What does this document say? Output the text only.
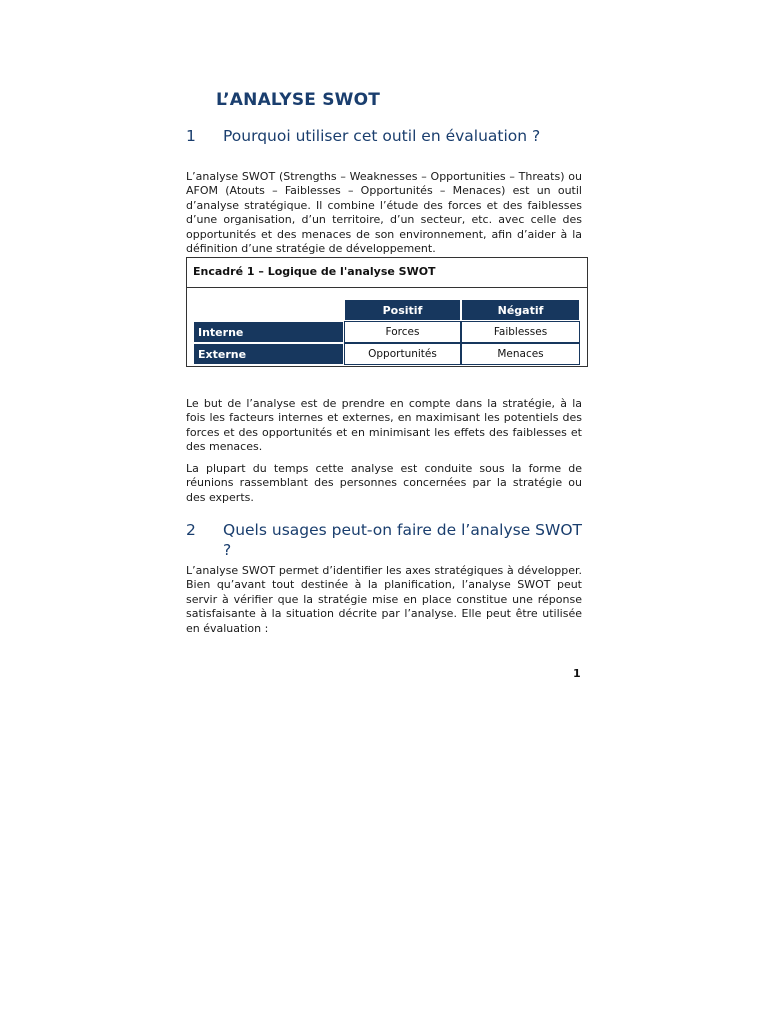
L’ANALYSE SWOT
1	Pourquoi utiliser cet outil en évaluation ?

L’analyse SWOT (Strengths – Weaknesses – Opportunities – Threats) ou AFOM (Atouts – Faiblesses – Opportunités – Menaces) est un outil d’analyse stratégique. Il combine l’étude des forces et des faiblesses d’une organisation, d’un territoire, d’un secteur, etc. avec celle des opportunités et des menaces de son environnement, afin d’aider à la définition d’une stratégie de développement.

Encadré 1 – Logique de l'analyse SWOT
	Positif	Négatif
Interne	Forces	Faiblesses
Externe	Opportunités	Menaces

Le but de l’analyse est de prendre en compte dans la stratégie, à la fois les facteurs internes et externes, en maximisant les potentiels des forces et des opportunités et en minimisant les effets des faiblesses et des menaces.

La plupart du temps cette analyse est conduite sous la forme de réunions rassemblant des personnes concernées par la stratégie ou des experts.

2	Quels usages peut-on faire de l’analyse SWOT ?

L’analyse SWOT permet d’identifier les axes stratégiques à développer. Bien qu’avant tout destinée à la planification, l’analyse SWOT peut servir à vérifier que la stratégie mise en place constitue une réponse satisfaisante à la situation décrite par l’analyse. Elle peut être utilisée en évaluation :

1
